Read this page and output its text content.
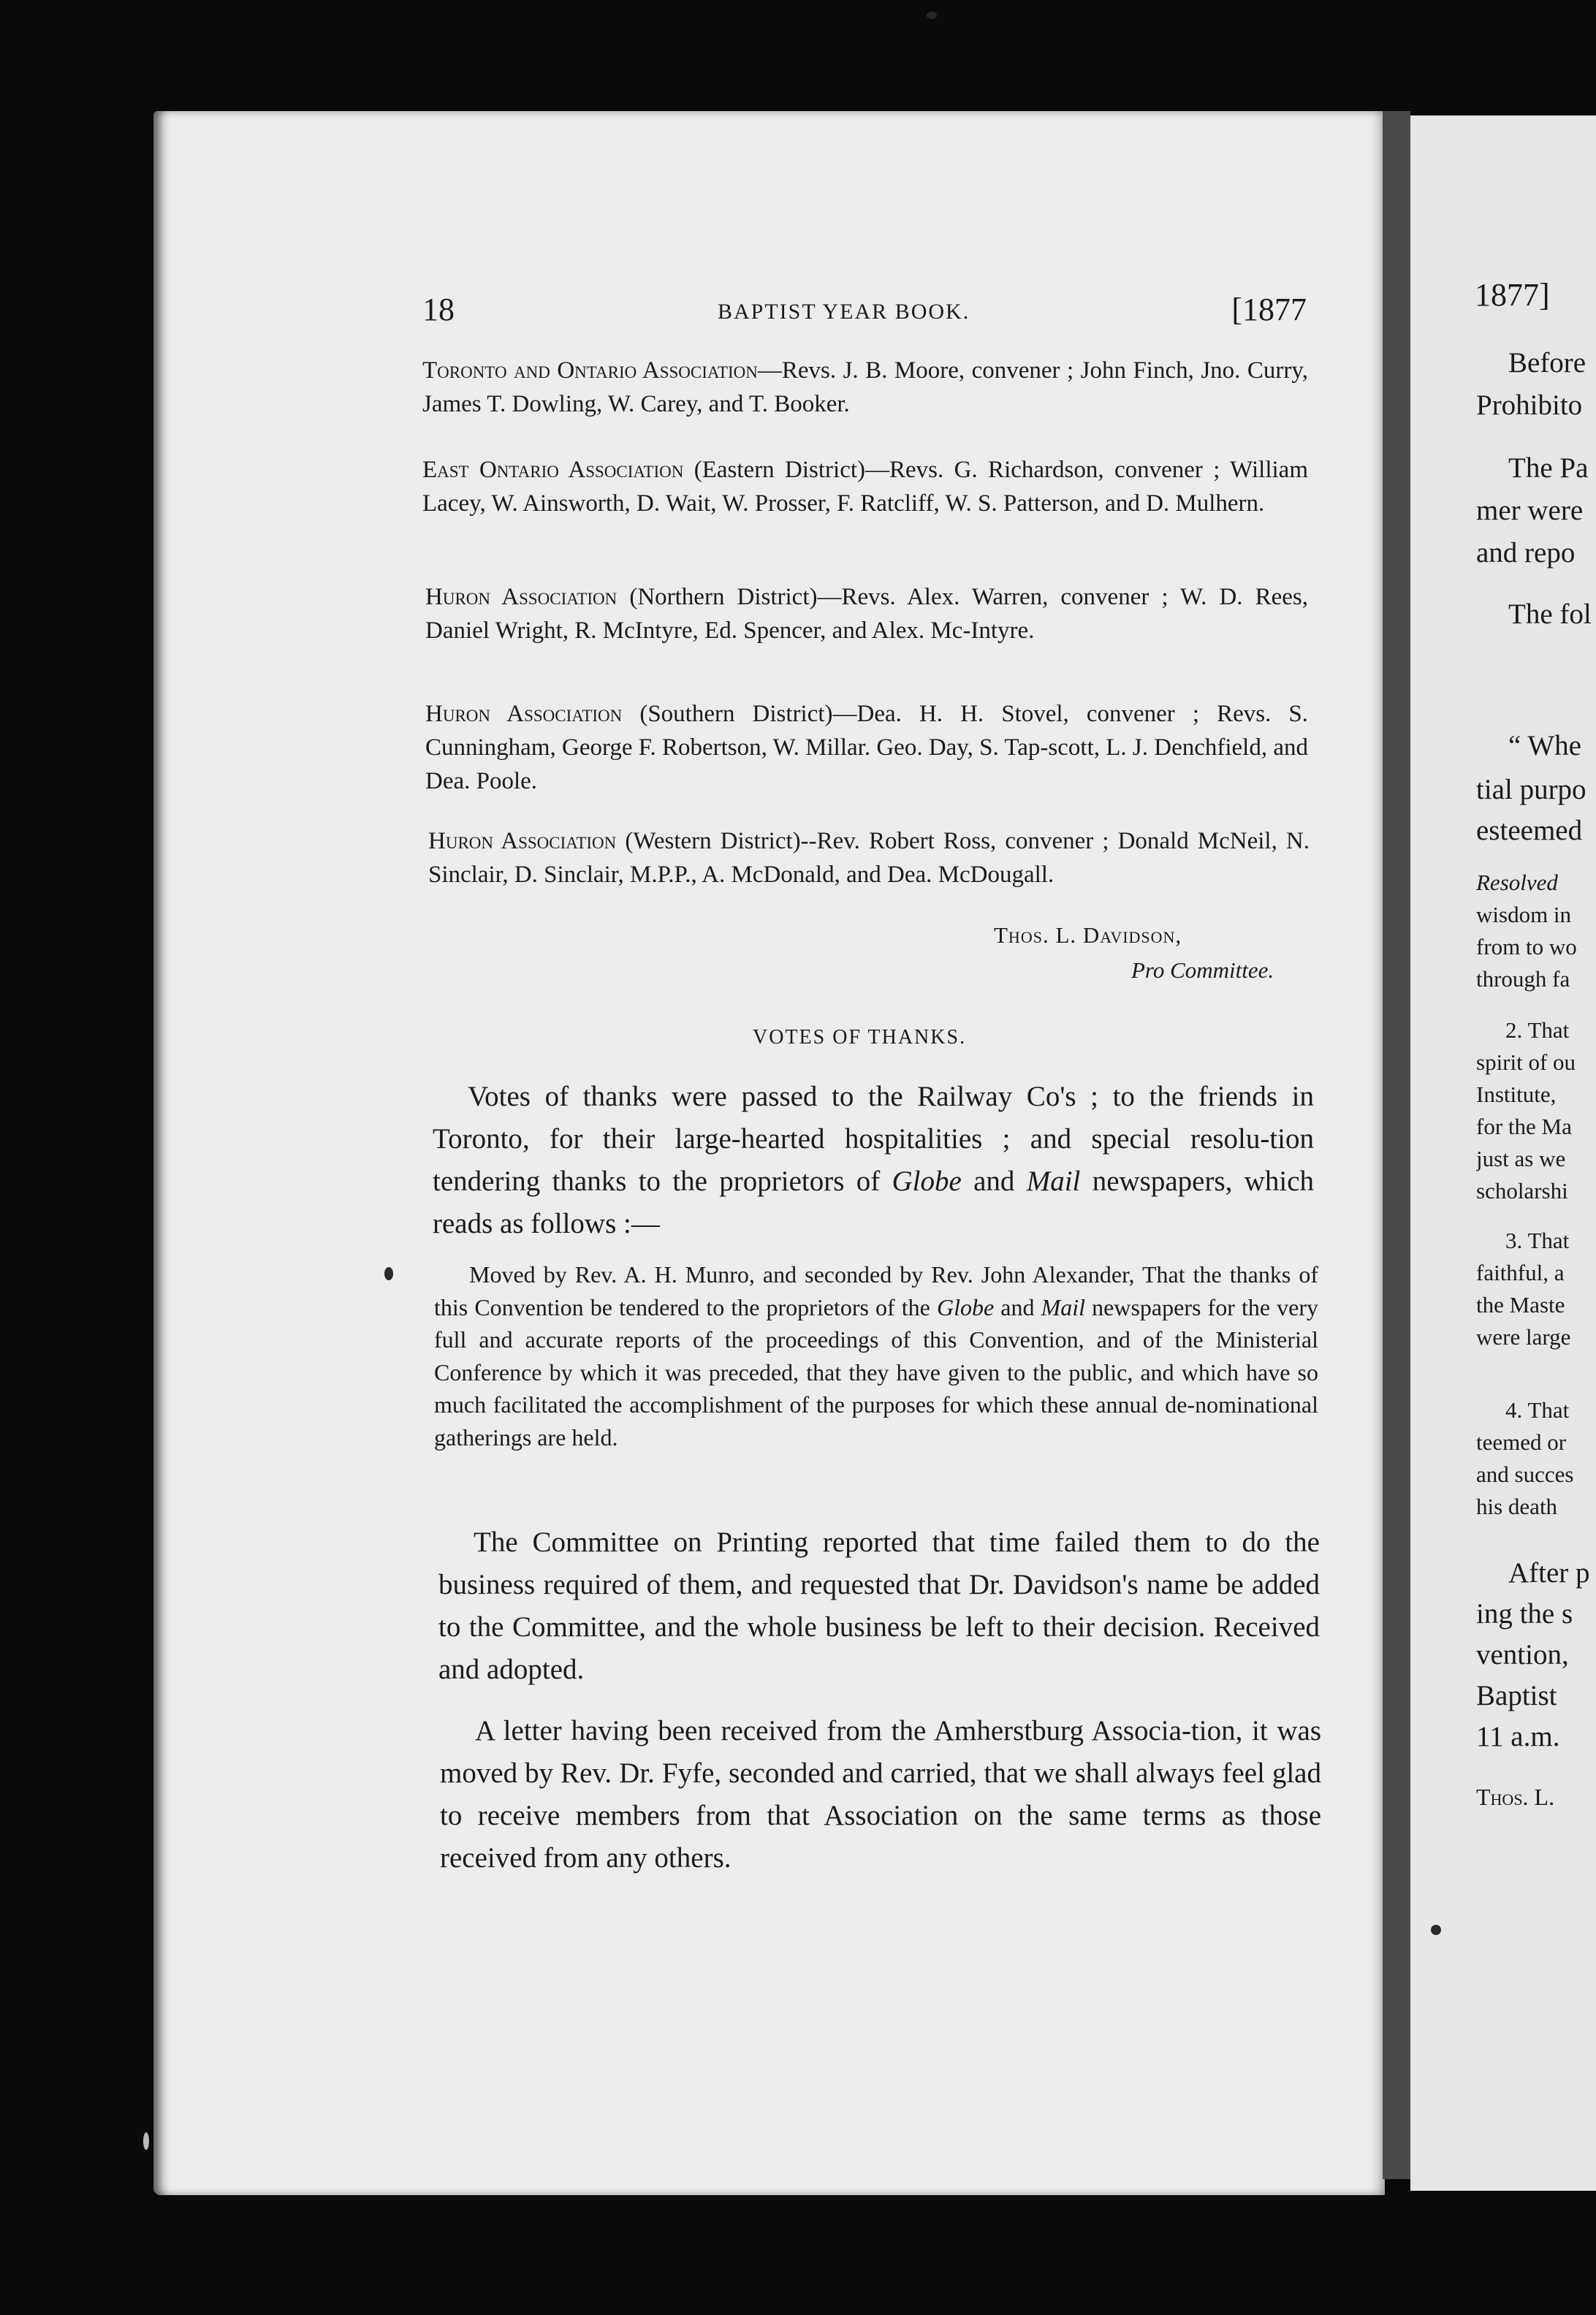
18	BAPTIST YEAR BOOK.	[1877

Toronto and Ontario Association—Revs. J. B. Moore, convener ; John Finch, Jno. Curry, James T. Dowling, W. Carey, and T. Booker.

East Ontario Association (Eastern District)—Revs. G. Richardson, convener ; William Lacey, W. Ainsworth, D. Wait, W. Prosser, F. Ratcliff, W. S. Patterson, and D. Mulhern.

Huron Association (Northern District)—Revs. Alex. Warren, convener ; W. D. Rees, Daniel Wright, R. McIntyre, Ed. Spencer, and Alex. Mc-Intyre.

Huron Association (Southern District)—Dea. H. H. Stovel, convener ; Revs. S. Cunningham, George F. Robertson, W. Millar. Geo. Day, S. Tap-scott, L. J. Denchfield, and Dea. Poole.

Huron Association (Western District)--Rev. Robert Ross, convener ; Donald McNeil, N. Sinclair, D. Sinclair, M.P.P., A. McDonald, and Dea. McDougall.

Thos. L. Davidson,
Pro Committee.
VOTES OF THANKS.

Votes of thanks were passed to the Railway Co's ; to the friends in Toronto, for their large-hearted hospitalities ; and special resolu-tion tendering thanks to the proprietors of Globe and Mail newspapers, which reads as follows :—

Moved by Rev. A. H. Munro, and seconded by Rev. John Alexander, That the thanks of this Convention be tendered to the proprietors of the Globe and Mail newspapers for the very full and accurate reports of the proceedings of this Convention, and of the Ministerial Conference by which it was preceded, that they have given to the public, and which have so much facilitated the accomplishment of the purposes for which these annual de-nominational gatherings are held.

The Committee on Printing reported that time failed them to do the business required of them, and requested that Dr. Davidson's name be added to the Committee, and the whole business be left to their decision. Received and adopted.

A letter having been received from the Amherstburg Associa-tion, it was moved by Rev. Dr. Fyfe, seconded and carried, that we shall always feel glad to receive members from that Association on the same terms as those received from any others.

1877]
Before
Prohibito
The Pa
mer were
and repo
The fol
“ Whe
tial purpo
esteemed
Resolved
wisdom in
from to wo
through fa
2. That
spirit of ou
Institute,
for the Ma
just as we
scholarshi
3. That
faithful, a
the Maste
were large
4. That
teemed or
and succes
his death
After p
ing the s
vention,
Baptist
11 a.m.
Thos. L.
